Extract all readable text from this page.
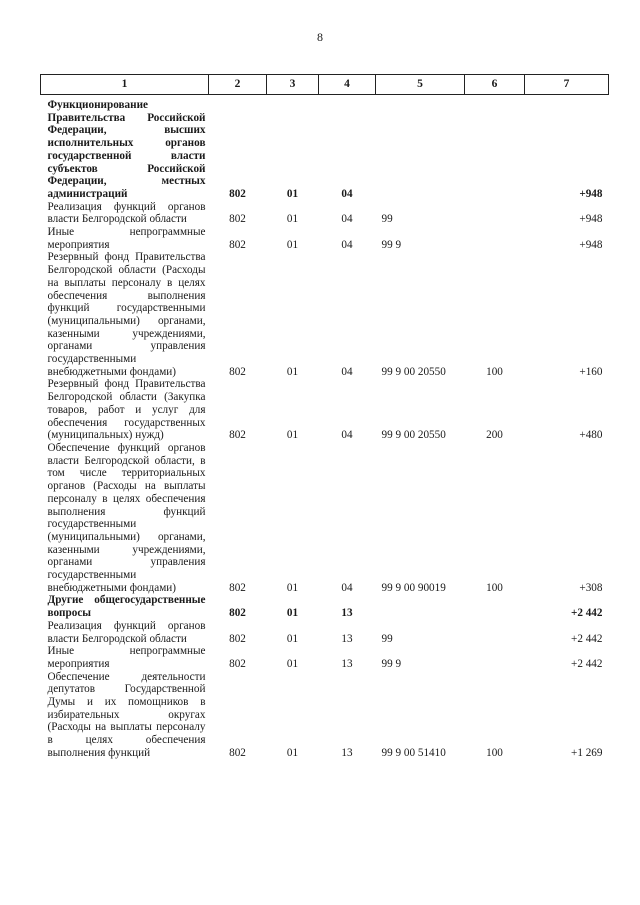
8
1	2	3	4	5	6	7
Функционирование Правительства Российской Федерации, высших исполнительных органов государственной власти субъектов Российской Федерации, местных администраций	802	01	04			+948
Реализация функций органов власти Белгородской области	802	01	04	99		+948
Иные непрограммные мероприятия	802	01	04	99 9		+948
Резервный фонд Правительства Белгородской области (Расходы на выплаты персоналу в целях обеспечения выполнения функций государственными (муниципальными) органами, казенными учреждениями, органами управления государственными внебюджетными фондами)	802	01	04	99 9 00 20550	100	+160
Резервный фонд Правительства Белгородской области (Закупка товаров, работ и услуг для обеспечения государственных (муниципальных) нужд)	802	01	04	99 9 00 20550	200	+480
Обеспечение функций органов власти Белгородской области, в том числе территориальных органов (Расходы на выплаты персоналу в целях обеспечения выполнения функций государственными (муниципальными) органами, казенными учреждениями, органами управления государственными внебюджетными фондами)	802	01	04	99 9 00 90019	100	+308
Другие общегосударственные вопросы	802	01	13			+2 442
Реализация функций органов власти Белгородской области	802	01	13	99		+2 442
Иные непрограммные мероприятия	802	01	13	99 9		+2 442
Обеспечение деятельности депутатов Государственной Думы и их помощников в избирательных округах (Расходы на выплаты персоналу в целях обеспечения выполнения функций	802	01	13	99 9 00 51410	100	+1 269
